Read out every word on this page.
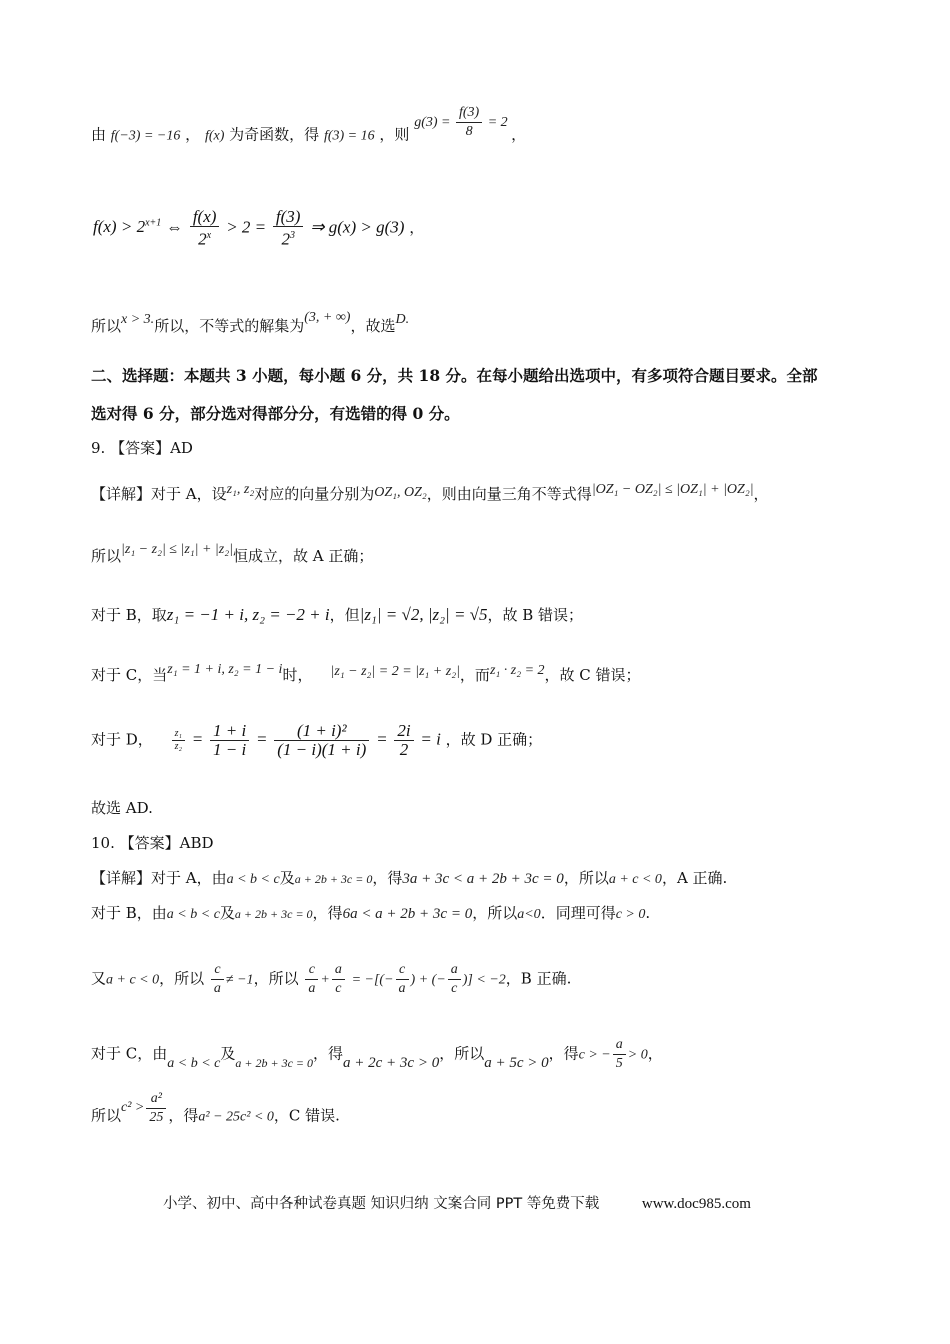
由 f(−3) = −16 ， f(x) 为奇函数，得 f(3) = 16 ，则 $g(3) = \frac{f(3)}{8} = 2$ ，
$f(x) > 2^{x+1}$ ⇔ $\frac{f(x)}{2^x} > 2 = \frac{f(3)}{2^3}$ ⇒ g(x) > g(3) ，
所以x > 3.所以，不等式的解集为(3, + ∞)，故选D.
二、选择题：本题共 3 小题，每小题 6 分，共 18 分。在每小题给出选项中，有多项符合题目要求。全部
选对得 6 分，部分选对得部分分，有选错的得 0 分。
9. 【答案】AD
【详解】对于 A，设z₁, z₂对应的向量分别为OZ₁, OZ₂，则由向量三角不等式得|OZ₁ − OZ₂| ≤ |OZ₁| + |OZ₂|，
所以|z₁ − z₂| ≤ |z₁| + |z₂|恒成立，故 A 正确；
对于 B，取z₁ = −1 + i, z₂ = −2 + i，但|z₁| = √2, |z₂| = √5，故 B 错误；
对于 C，当z₁ = 1 + i, z₂ = 1 − i时， |z₁ − z₂| = 2 = |z₁ + z₂|，而z₁ · z₂ = 2，故 C 错误；
对于 D， $\frac{\text{z₁}}{\text{z₂}} = \frac{1 + i}{1 - i} = \frac{\text{(1 + i)²}}{(1 - i)(1 + i)} = \frac{2i}{2} = i$ ，故 D 正确；
故选 AD.
10. 【答案】ABD
【详解】对于 A，由a < b < c及a + 2b + 3c = 0，得3a + 3c < a + 2b + 3c = 0，所以a + c < 0，A 正确.
对于 B，由a < b < c及a + 2b + 3c = 0，得6a < a + 2b + 3c = 0，所以a<0．同理可得c > 0.
又a + c < 0，所以 $\frac{c}{a} \ne -1$，所以 $\frac{c}{a} + \frac{a}{c}$ = −[(− $\frac{c}{a}$ ) + (− $\frac{a}{c}$ )] < −2，B 正确.
对于 C，由a < b < c及$_{a + 2b + 3c = 0}$，得a + 2c + 3c > 0，所以a + 5c > 0，得c > − $\frac{a}{5} > 0$，
所以$c^2 > \frac{\text{a²}}{25}$ ，得a² − 25c² < 0，C 错误.
小学、初中、高中各种试卷真题 知识归纳 文案合同 PPT 等免费下载	www.doc985.com
